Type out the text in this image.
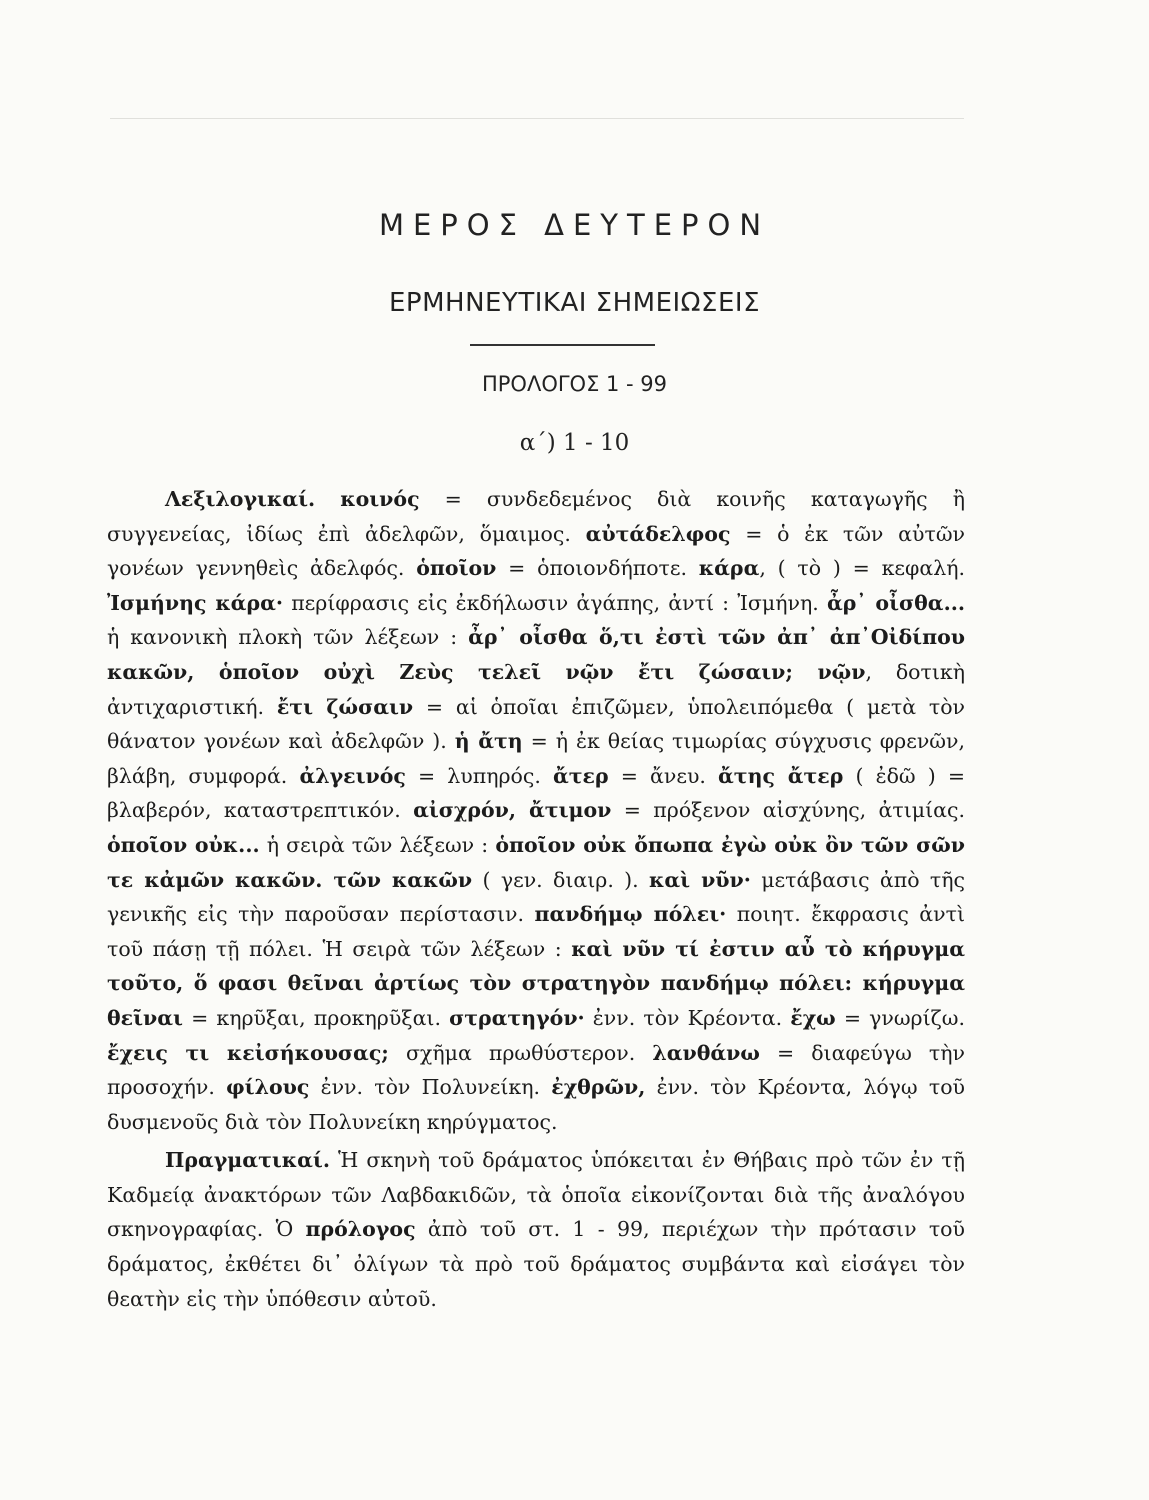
ΜΕΡΟΣ ΔΕΥΤΕΡΟΝ
ΕΡΜΗΝΕΥΤΙΚΑΙ ΣΗΜΕΙΩΣΕΙΣ
ΠΡΟΛΟΓΟΣ 1 - 99
α΄) 1 - 10

Λεξιλογικαί. κοινός = συνδεδεμένος διὰ κοινῆς καταγωγῆς ἢ συγγενείας, ἰδίως ἐπὶ ἀδελφῶν, ὅμαιμος. αὐτάδελφος = ὁ ἐκ τῶν αὐτῶν γονέων γεννηθεὶς ἀδελφός. ὁποῖον = ὁποιονδήποτε. κάρα, ( τὸ ) = κεφαλή. Ἰσμήνης κάρα· περίφρασις εἰς ἐκδήλωσιν ἀγάπης, ἀντί : Ἰσμήνη. ἆρ᾽ οἶσθα... ἡ κανονικὴ πλοκὴ τῶν λέξεων : ἆρ᾽ οἶσθα ὅ,τι ἐστὶ τῶν ἀπ᾽ ἀπ᾽Οἰδίπου κακῶν, ὁποῖον οὐχὶ Ζεὺς τελεῖ νῷν ἔτι ζώσαιν; νῷν, δοτικὴ ἀντιχαριστική. ἔτι ζώσαιν = αἱ ὁποῖαι ἐπιζῶμεν, ὑπολειπόμεθα ( μετὰ τὸν θάνατον γονέων καὶ ἀδελφῶν ). ἡ ἄτη = ἡ ἐκ θείας τιμωρίας σύγχυσις φρενῶν, βλάβη, συμφορά. ἀλγεινός = λυπηρός. ἄτερ = ἄνευ. ἄτης ἄτερ ( ἐδῶ ) = βλαβερόν, καταστρεπτικόν. αἰσχρόν, ἄτιμον = πρόξενον αἰσχύνης, ἀτιμίας. ὁποῖον οὐκ... ἡ σειρὰ τῶν λέξεων : ὁποῖον οὐκ ὄπωπα ἐγὼ οὐκ ὂν τῶν σῶν τε κἀμῶν κακῶν. τῶν κακῶν ( γεν. διαιρ. ). καὶ νῦν· μετάβασις ἀπὸ τῆς γενικῆς εἰς τὴν παροῦσαν περίστασιν. πανδήμῳ πόλει· ποιητ. ἔκφρασις ἀντὶ τοῦ πάσῃ τῇ πόλει. Ἡ σειρὰ τῶν λέξεων : καὶ νῦν τί ἐστιν αὖ τὸ κήρυγμα τοῦτο, ὅ φασι θεῖναι ἀρτίως τὸν στρατηγὸν πανδήμῳ πόλει: κήρυγμα θεῖναι = κηρῦξαι, προκηρῦξαι. στρατηγόν· ἐνν. τὸν Κρέοντα. ἔχω = γνωρίζω. ἔχεις τι κεἰσήκουσας; σχῆμα πρωθύστερον. λανθάνω = διαφεύγω τὴν προσοχήν. φίλους ἐνν. τὸν Πολυνείκη. ἐχθρῶν, ἐνν. τὸν Κρέοντα, λόγῳ τοῦ δυσμενοῦς διὰ τὸν Πολυνείκη κηρύγματος.

Πραγματικαί. Ἡ σκηνὴ τοῦ δράματος ὑπόκειται ἐν Θήβαις πρὸ τῶν ἐν τῇ Καδμείᾳ ἀνακτόρων τῶν Λαβδακιδῶν, τὰ ὁποῖα εἰκονίζονται διὰ τῆς ἀναλόγου σκηνογραφίας. Ὁ πρόλογος ἀπὸ τοῦ στ. 1 - 99, περιέχων τὴν πρότασιν τοῦ δράματος, ἐκθέτει δι᾽ ὀλίγων τὰ πρὸ τοῦ δράματος συμβάντα καὶ εἰσάγει τὸν θεατὴν εἰς τὴν ὑπόθεσιν αὐτοῦ.
